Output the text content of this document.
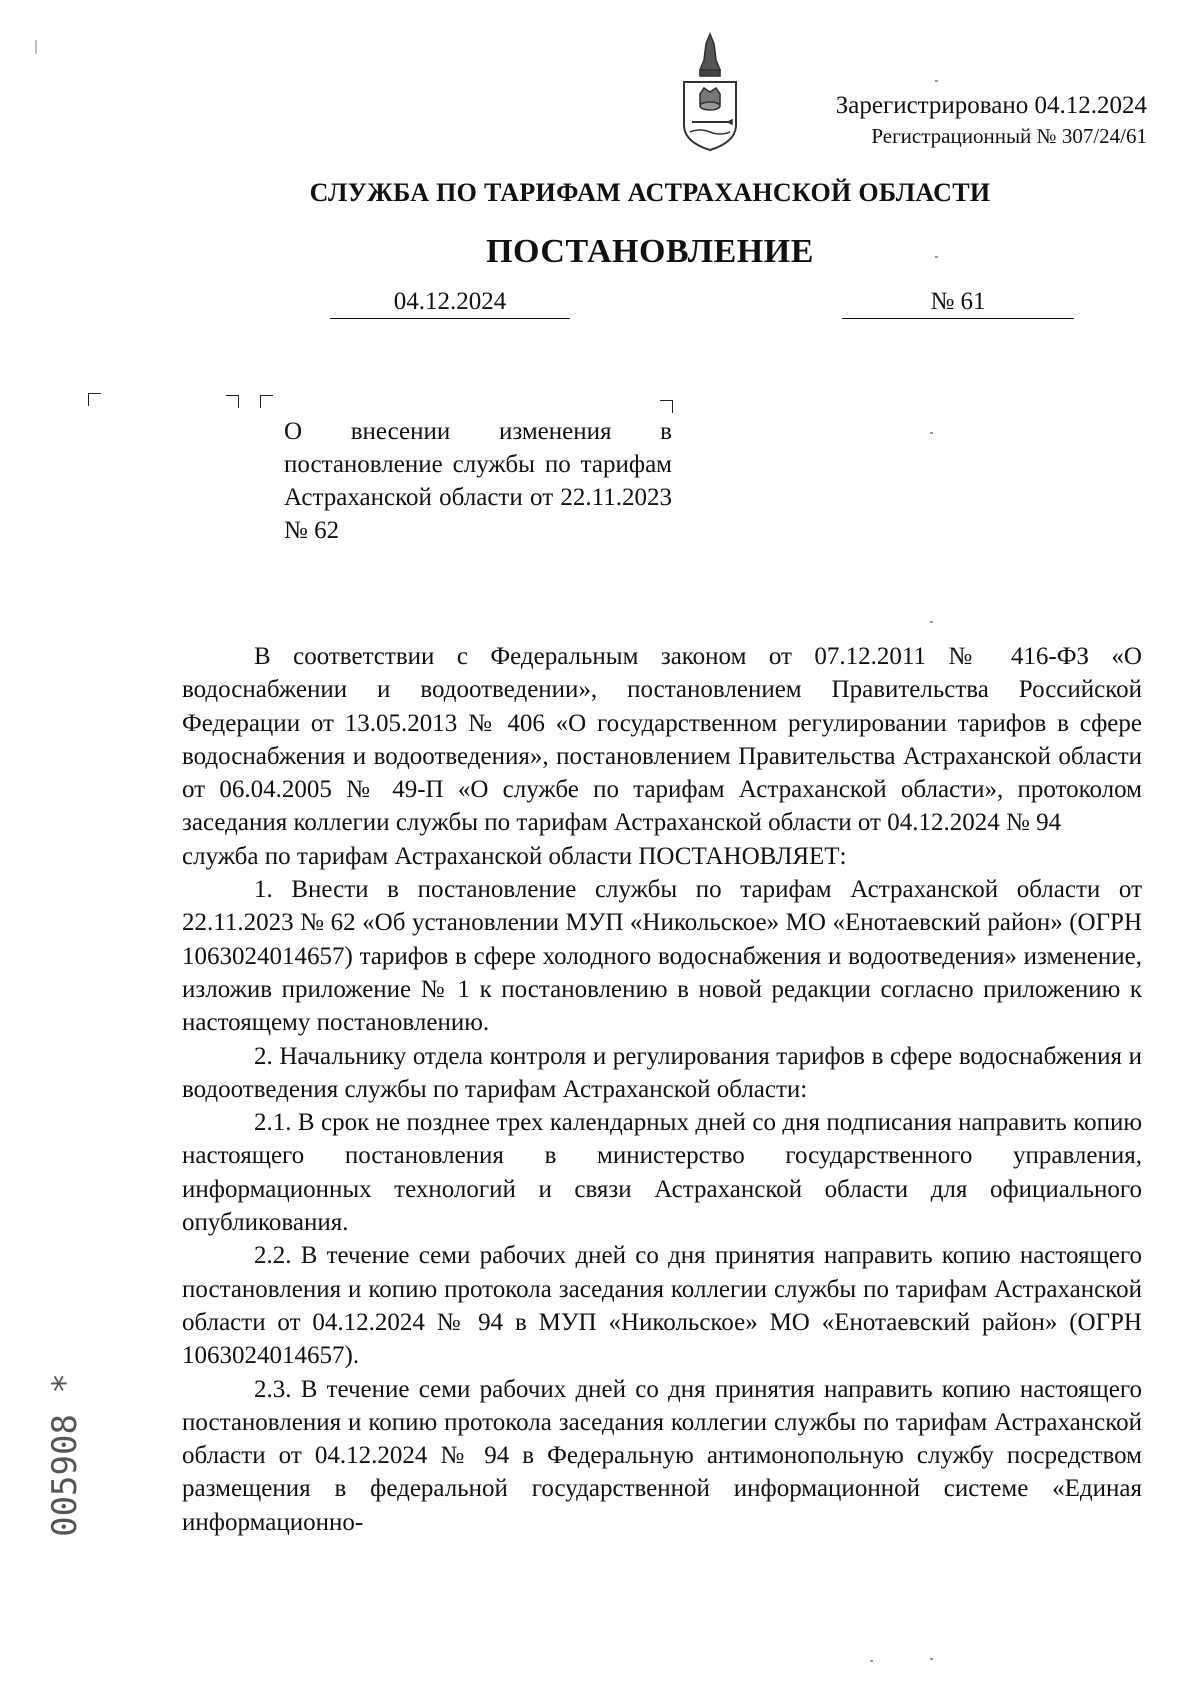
Зарегистрировано 04.12.2024
Регистрационный № 307/24/61
СЛУЖБА ПО ТАРИФАМ АСТРАХАНСКОЙ ОБЛАСТИ
ПОСТАНОВЛЕНИЕ
04.12.2024	№ 61
О внесении изменения в постановление службы по тарифам Астраханской области от 22.11.2023 № 62

В соответствии с Федеральным законом от 07.12.2011 № 416-ФЗ «О водоснабжении и водоотведении», постановлением Правительства Российской Федерации от 13.05.2013 № 406 «О государственном регулировании тарифов в сфере водоснабжения и водоотведения», постановлением Правительства Астраханской области от 06.04.2005 № 49-П «О службе по тарифам Астраханской области», протоколом заседания коллегии службы по тарифам Астраханской области от 04.12.2024 № 94

служба по тарифам Астраханской области ПОСТАНОВЛЯЕТ:

1. Внести в постановление службы по тарифам Астраханской области от 22.11.2023 № 62 «Об установлении МУП «Никольское» МО «Енотаевский район» (ОГРН 1063024014657) тарифов в сфере холодного водоснабжения и водоотведения» изменение, изложив приложение № 1 к постановлению в новой редакции согласно приложению к настоящему постановлению.

2. Начальнику отдела контроля и регулирования тарифов в сфере водоснабжения и водоотведения службы по тарифам Астраханской области:

2.1. В срок не позднее трех календарных дней со дня подписания направить копию настоящего постановления в министерство государственного управления, информационных технологий и связи Астраханской области для официального опубликования.

2.2. В течение семи рабочих дней со дня принятия направить копию настоящего постановления и копию протокола заседания коллегии службы по тарифам Астраханской области от 04.12.2024 № 94 в МУП «Никольское» МО «Енотаевский район» (ОГРН 1063024014657).

2.3. В течение семи рабочих дней со дня принятия направить копию настоящего постановления и копию протокола заседания коллегии службы по тарифам Астраханской области от 04.12.2024 № 94 в Федеральную антимонопольную службу посредством размещения в федеральной государственной информационной системе «Единая информационно-

005908 *
